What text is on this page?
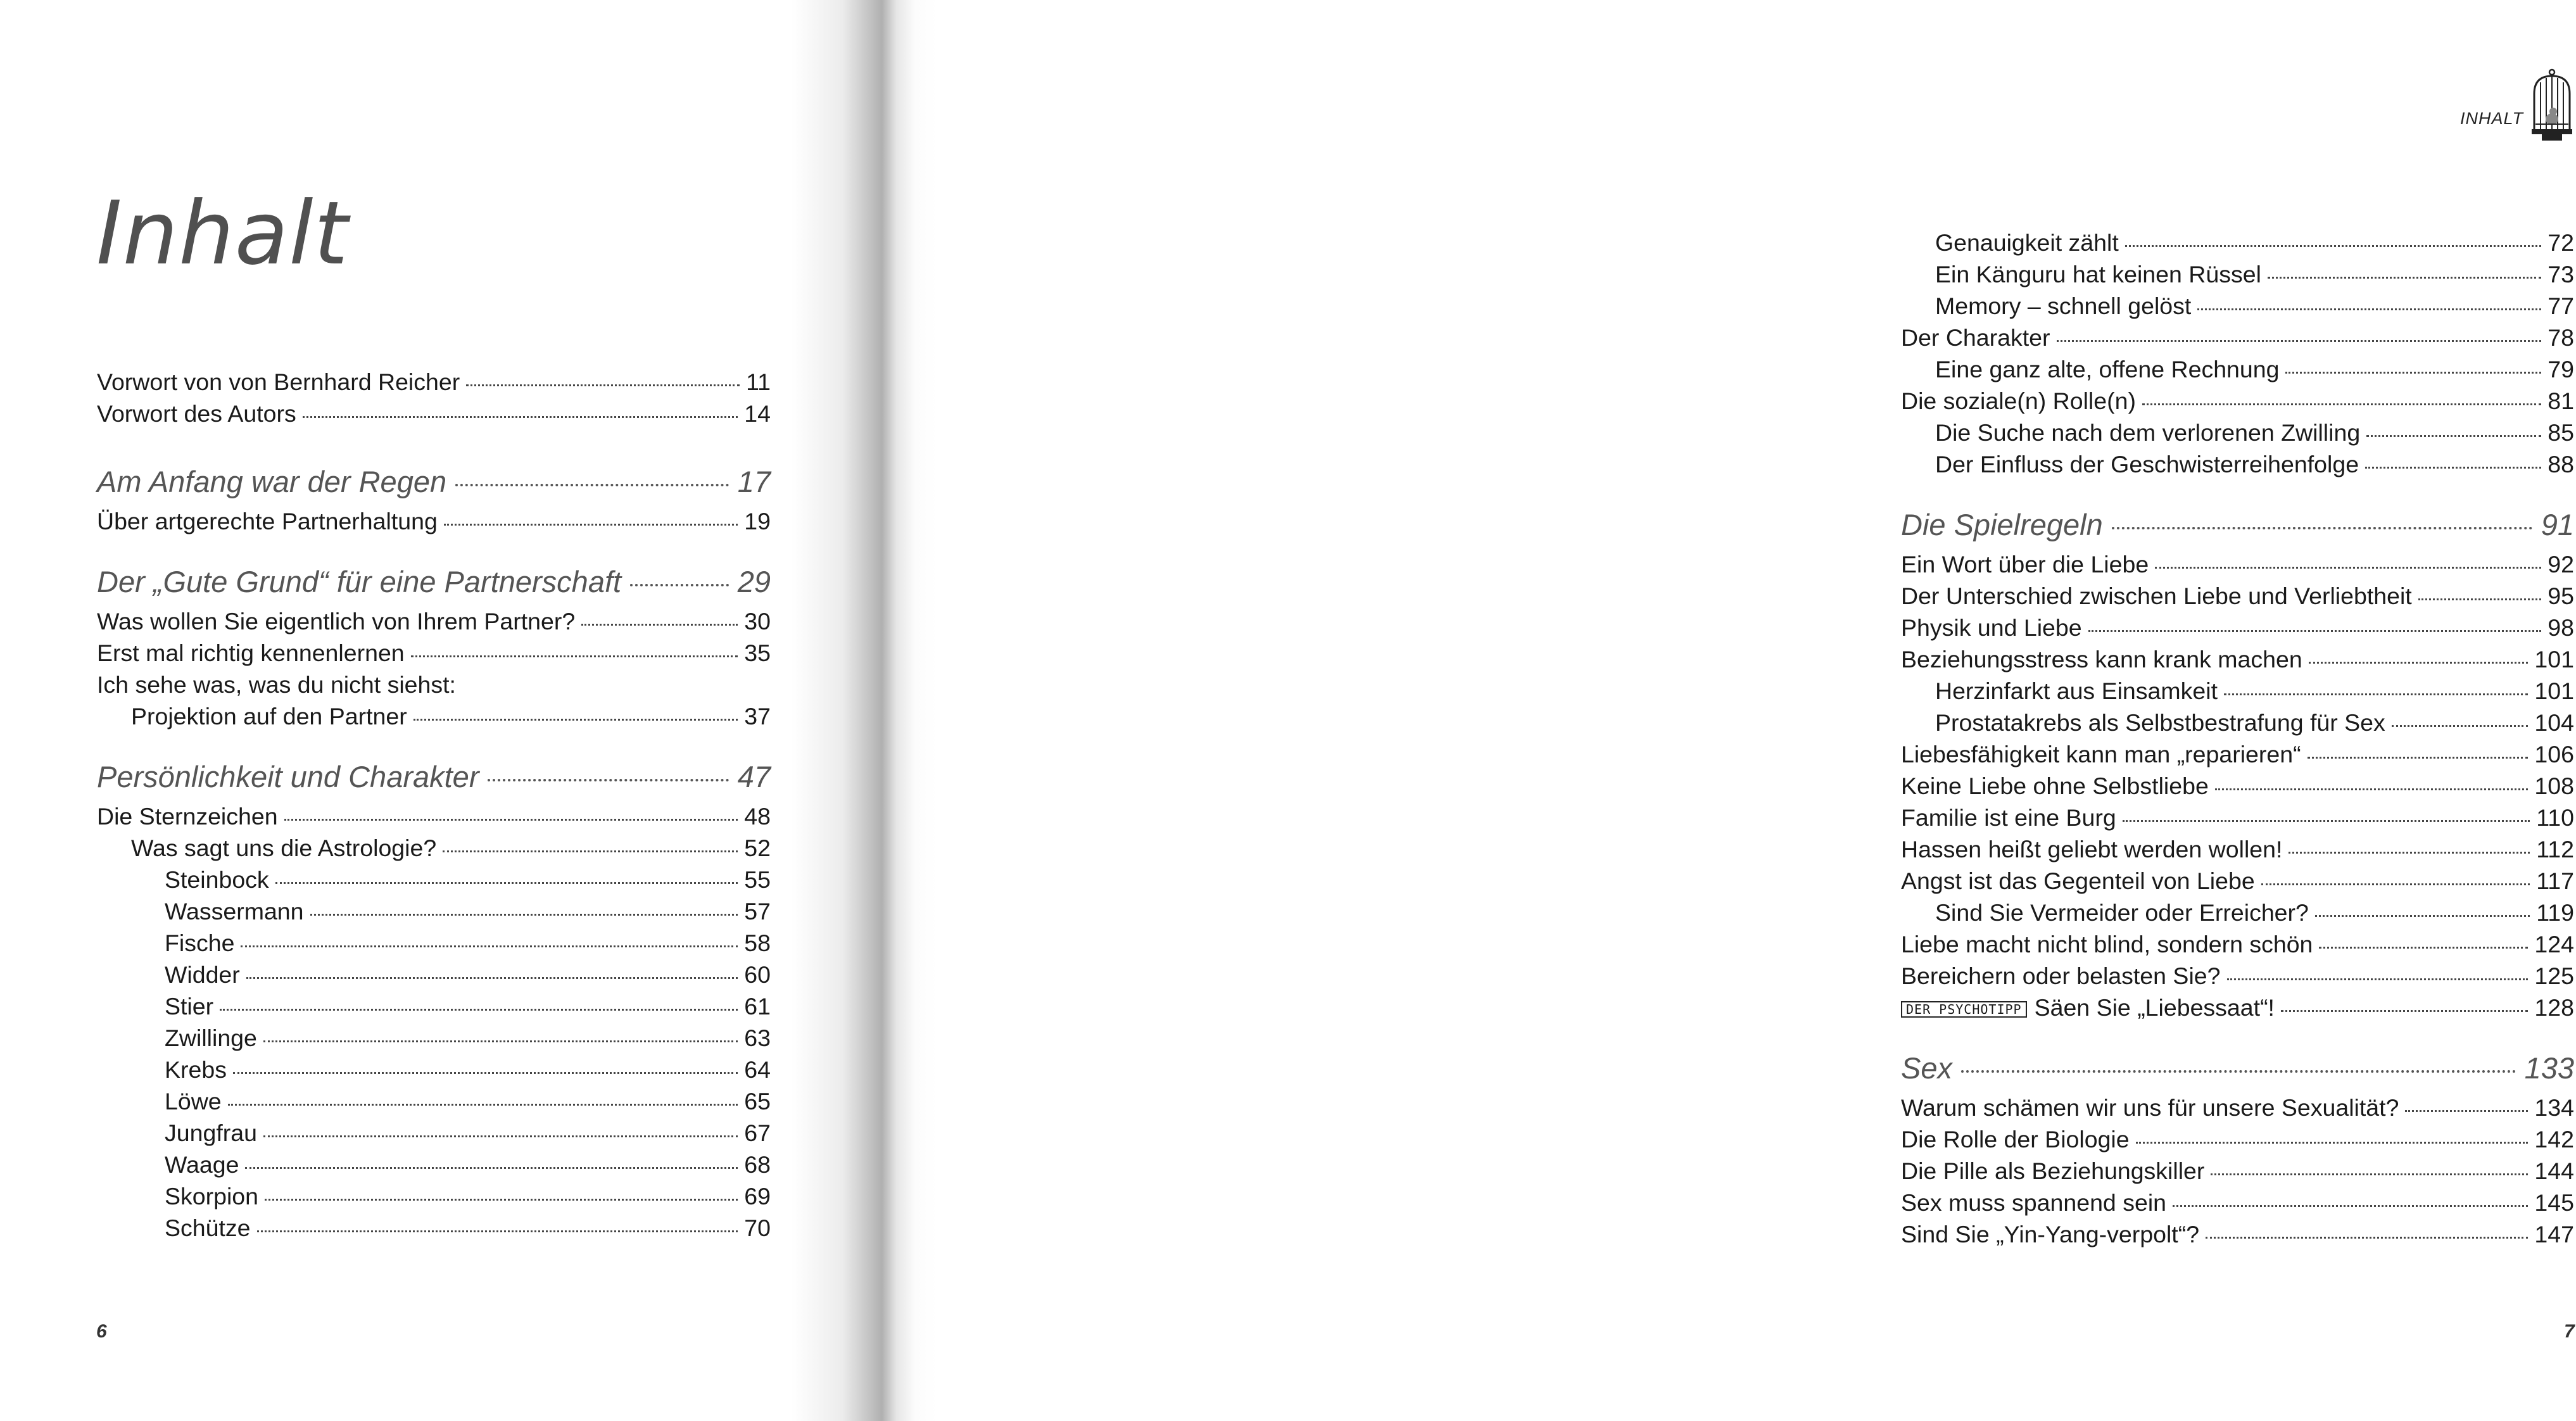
Inhalt
Vorwort von von Bernhard Reicher	11
Vorwort des Autors	14
Am Anfang war der Regen	17
Über artgerechte Partnerhaltung	19
Der „Gute Grund“ für eine Partnerschaft	29
Was wollen Sie eigentlich von Ihrem Partner?	30
Erst mal richtig kennenlernen	35
Ich sehe was, was du nicht siehst:
Projektion auf den Partner	37
Persönlichkeit und Charakter	47
Die Sternzeichen	48
Was sagt uns die Astrologie?	52
Steinbock	55
Wassermann	57
Fische	58
Widder	60
Stier	61
Zwillinge	63
Krebs	64
Löwe	65
Jungfrau	67
Waage	68
Skorpion	69
Schütze	70
6
INHALT
Genauigkeit zählt	72
Ein Känguru hat keinen Rüssel	73
Memory – schnell gelöst	77
Der Charakter	78
Eine ganz alte, offene Rechnung	79
Die soziale(n) Rolle(n)	81
Die Suche nach dem verlorenen Zwilling	85
Der Einfluss der Geschwisterreihenfolge	88
Die Spielregeln	91
Ein Wort über die Liebe	92
Der Unterschied zwischen Liebe und Verliebtheit	95
Physik und Liebe	98
Beziehungsstress kann krank machen	101
Herzinfarkt aus Einsamkeit	101
Prostatakrebs als Selbstbestrafung für Sex	104
Liebesfähigkeit kann man „reparieren“	106
Keine Liebe ohne Selbstliebe	108
Familie ist eine Burg	110
Hassen heißt geliebt werden wollen!	112
Angst ist das Gegenteil von Liebe	117
Sind Sie Vermeider oder Erreicher?	119
Liebe macht nicht blind, sondern schön	124
Bereichern oder belasten Sie?	125
DER PSYCHOTIPP Säen Sie „Liebessaat“!	128
Sex	133
Warum schämen wir uns für unsere Sexualität?	134
Die Rolle der Biologie	142
Die Pille als Beziehungskiller	144
Sex muss spannend sein	145
Sind Sie „Yin-Yang-verpolt“?	147
7
